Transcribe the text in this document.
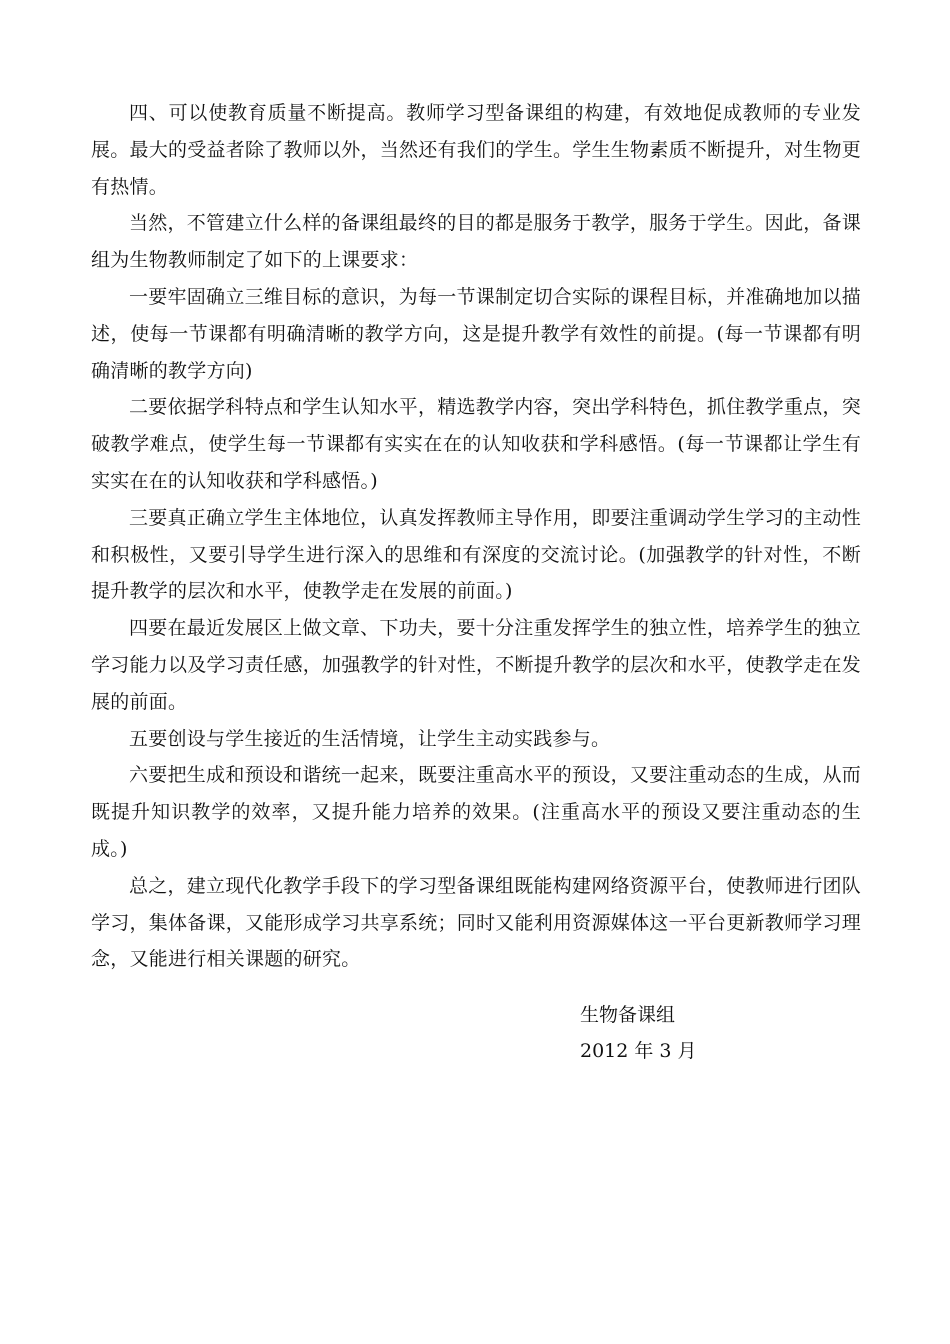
四、可以使教育质量不断提高。教师学习型备课组的构建，有效地促成教师的专业发展。最大的受益者除了教师以外，当然还有我们的学生。学生生物素质不断提升，对生物更有热情。

当然，不管建立什么样的备课组最终的目的都是服务于教学，服务于学生。因此，备课组为生物教师制定了如下的上课要求：

一要牢固确立三维目标的意识，为每一节课制定切合实际的课程目标，并准确地加以描述，使每一节课都有明确清晰的教学方向，这是提升教学有效性的前提。(每一节课都有明确清晰的教学方向)

二要依据学科特点和学生认知水平，精选教学内容，突出学科特色，抓住教学重点，突破教学难点，使学生每一节课都有实实在在的认知收获和学科感悟。(每一节课都让学生有实实在在的认知收获和学科感悟。)

三要真正确立学生主体地位，认真发挥教师主导作用，即要注重调动学生学习的主动性和积极性，又要引导学生进行深入的思维和有深度的交流讨论。(加强教学的针对性，不断提升教学的层次和水平，使教学走在发展的前面。)

四要在最近发展区上做文章、下功夫，要十分注重发挥学生的独立性，培养学生的独立学习能力以及学习责任感，加强教学的针对性，不断提升教学的层次和水平，使教学走在发展的前面。

五要创设与学生接近的生活情境，让学生主动实践参与。

六要把生成和预设和谐统一起来，既要注重高水平的预设，又要注重动态的生成，从而既提升知识教学的效率，又提升能力培养的效果。(注重高水平的预设又要注重动态的生成。)

总之，建立现代化教学手段下的学习型备课组既能构建网络资源平台，使教师进行团队学习，集体备课，又能形成学习共享系统；同时又能利用资源媒体这一平台更新教师学习理念，又能进行相关课题的研究。

生物备课组
2012 年 3 月
